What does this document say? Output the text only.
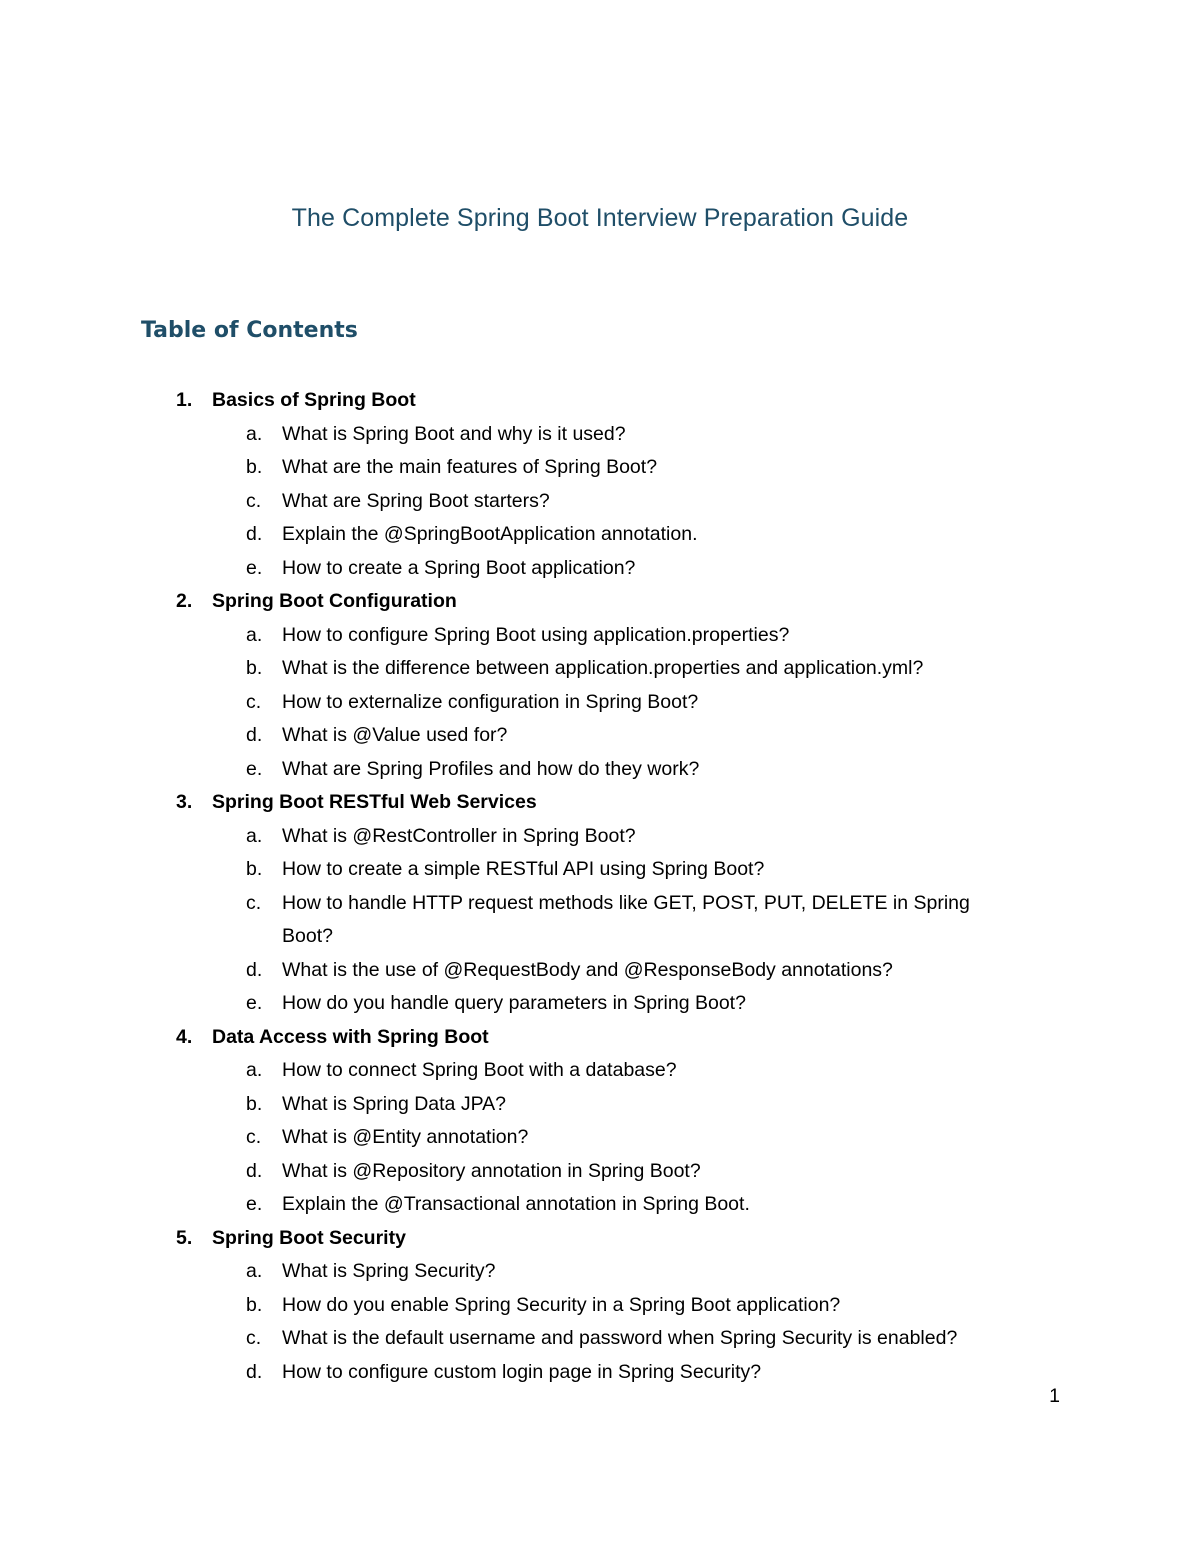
The Complete Spring Boot Interview Preparation Guide
Table of Contents
1.	Basics of Spring Boot
a.	What is Spring Boot and why is it used?
b.	What are the main features of Spring Boot?
c.	What are Spring Boot starters?
d.	Explain the @SpringBootApplication annotation.
e.	How to create a Spring Boot application?
2.	Spring Boot Configuration
a.	How to configure Spring Boot using application.properties?
b.	What is the difference between application.properties and application.yml?
c.	How to externalize configuration in Spring Boot?
d.	What is @Value used for?
e.	What are Spring Profiles and how do they work?
3.	Spring Boot RESTful Web Services
a.	What is @RestController in Spring Boot?
b.	How to create a simple RESTful API using Spring Boot?
c.	How to handle HTTP request methods like GET, POST, PUT, DELETE in Spring Boot?
d.	What is the use of @RequestBody and @ResponseBody annotations?
e.	How do you handle query parameters in Spring Boot?
4.	Data Access with Spring Boot
a.	How to connect Spring Boot with a database?
b.	What is Spring Data JPA?
c.	What is @Entity annotation?
d.	What is @Repository annotation in Spring Boot?
e.	Explain the @Transactional annotation in Spring Boot.
5.	Spring Boot Security
a.	What is Spring Security?
b.	How do you enable Spring Security in a Spring Boot application?
c.	What is the default username and password when Spring Security is enabled?
d.	How to configure custom login page in Spring Security?
1
